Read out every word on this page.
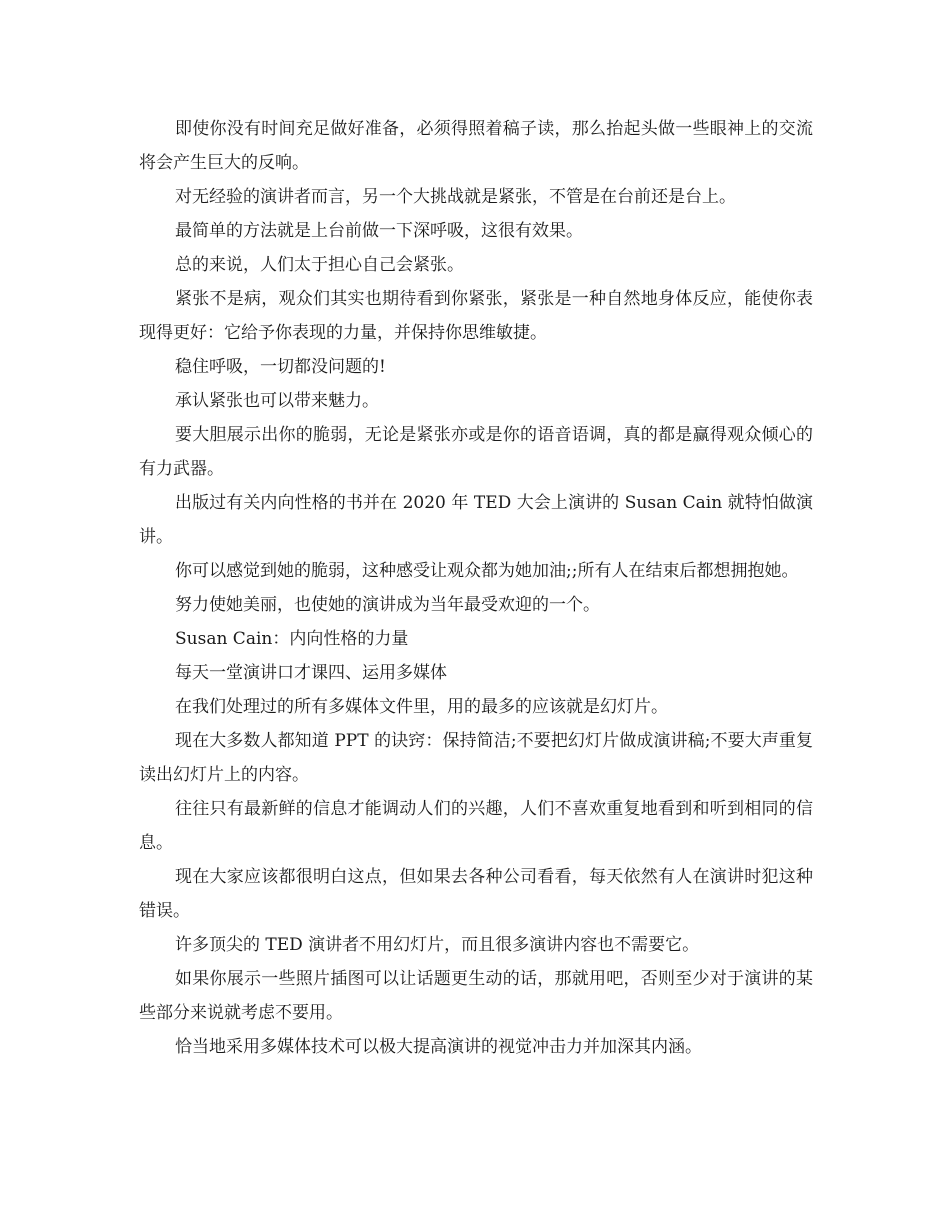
即使你没有时间充足做好准备，必须得照着稿子读，那么抬起头做一些眼神上的交流将会产生巨大的反响。

对无经验的演讲者而言，另一个大挑战就是紧张，不管是在台前还是台上。

最简单的方法就是上台前做一下深呼吸，这很有效果。

总的来说，人们太于担心自己会紧张。

紧张不是病，观众们其实也期待看到你紧张，紧张是一种自然地身体反应，能使你表现得更好：它给予你表现的力量，并保持你思维敏捷。

稳住呼吸，一切都没问题的!

承认紧张也可以带来魅力。

要大胆展示出你的脆弱，无论是紧张亦或是你的语音语调，真的都是赢得观众倾心的有力武器。

出版过有关内向性格的书并在 2020 年 TED 大会上演讲的 Susan Cain 就特怕做演讲。

你可以感觉到她的脆弱，这种感受让观众都为她加油;;所有人在结束后都想拥抱她。

努力使她美丽，也使她的演讲成为当年最受欢迎的一个。

Susan Cain：内向性格的力量

每天一堂演讲口才课四、运用多媒体

在我们处理过的所有多媒体文件里，用的最多的应该就是幻灯片。

现在大多数人都知道 PPT 的诀窍：保持简洁;不要把幻灯片做成演讲稿;不要大声重复读出幻灯片上的内容。

往往只有最新鲜的信息才能调动人们的兴趣，人们不喜欢重复地看到和听到相同的信息。

现在大家应该都很明白这点，但如果去各种公司看看，每天依然有人在演讲时犯这种错误。

许多顶尖的 TED 演讲者不用幻灯片，而且很多演讲内容也不需要它。

如果你展示一些照片插图可以让话题更生动的话，那就用吧，否则至少对于演讲的某些部分来说就考虑不要用。

恰当地采用多媒体技术可以极大提高演讲的视觉冲击力并加深其内涵。
